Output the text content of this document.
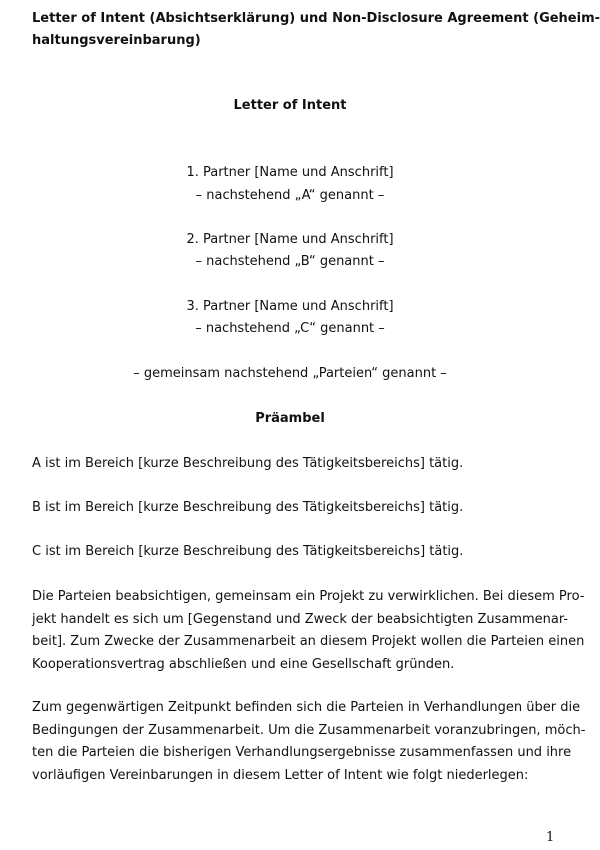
Letter of Intent (Absichtserklärung) und Non-Disclosure Agreement (Geheim-
haltungsvereinbarung)

Letter of Intent

1. Partner [Name und Anschrift]

– nachstehend „A“ genannt –

2. Partner [Name und Anschrift]

– nachstehend „B“ genannt –

3. Partner [Name und Anschrift]

– nachstehend „C“ genannt –

– gemeinsam nachstehend „Parteien“ genannt –

Präambel

A ist im Bereich [kurze Beschreibung des Tätigkeitsbereichs] tätig.

B ist im Bereich [kurze Beschreibung des Tätigkeitsbereichs] tätig.

C ist im Bereich [kurze Beschreibung des Tätigkeitsbereichs] tätig.

Die Parteien beabsichtigen, gemeinsam ein Projekt zu verwirklichen. Bei diesem Pro-
jekt handelt es sich um [Gegenstand und Zweck der beabsichtigten Zusammenar-
beit]. Zum Zwecke der Zusammenarbeit an diesem Projekt wollen die Parteien einen
Kooperationsvertrag abschließen und eine Gesellschaft gründen.
Zum gegenwärtigen Zeitpunkt befinden sich die Parteien in Verhandlungen über die
Bedingungen der Zusammenarbeit. Um die Zusammenarbeit voranzubringen, möch-
ten die Parteien die bisherigen Verhandlungsergebnisse zusammenfassen und ihre
vorläufigen Vereinbarungen in diesem Letter of Intent wie folgt niederlegen:
1
